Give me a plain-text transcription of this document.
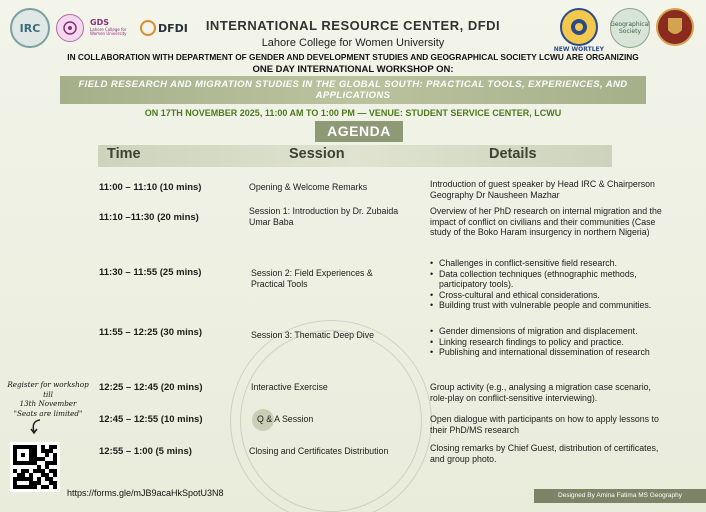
IRC	GDS
Lahore College for Women University	DFDI
NEW WORTLEY
Geographical Society
INTERNATIONAL RESOURCE CENTER, DFDI
Lahore College for Women University
IN COLLABORATION WITH DEPARTMENT OF GENDER AND DEVELOPMENT STUDIES AND GEOGRAPHICAL SOCIETY LCWU ARE ORGANIZING
ONE DAY INTERNATIONAL WORKSHOP ON:
FIELD RESEARCH AND MIGRATION STUDIES IN THE GLOBAL SOUTH: PRACTICAL TOOLS, EXPERIENCES, AND APPLICATIONS
ON 17TH NOVEMBER 2025, 11:00 AM TO 1:00 PM — VENUE: STUDENT SERVICE CENTER, LCWU
AGENDA
Time	Session	Details
11:00 – 11:10 (10 mins)	Opening & Welcome Remarks	Introduction of guest speaker by Head IRC & Chairperson Geography Dr Nausheen Mazhar
11:10 –11:30 (20 mins)
Session 1: Introduction by Dr. Zubaida Umar Baba
Overview of her PhD research on internal migration and the impact of conflict on civilians and their communities (Case study of the Boko Haram insurgency in northern Nigeria)
11:30 – 11:55 (25 mins)	Session 2: Field Experiences & Practical Tools
• Challenges in conflict-sensitive field research.
• Data collection techniques (ethnographic methods, participatory tools).
• Cross-cultural and ethical considerations.
• Building trust with vulnerable people and communities.
11:55 – 12:25 (30 mins)	Session 3: Thematic Deep Dive
•	Gender dimensions of migration and displacement.
• Linking research findings to policy and practice.
• Publishing and international dissemination of research
12:25 – 12:45 (20 mins)	Interactive Exercise	Group activity (e.g., analysing a migration case scenario, role-play on conflict-sensitive interviewing).
12:45 – 12:55 (10 mins)	Q & A Session	Open dialogue with participants on how to apply lessons to their PhD/MS research
12:55 – 1:00 (5 mins)	Closing and Certificates Distribution	Closing remarks by Chief Guest, distribution of certificates, and group photo.
Register for workshop till
13th November
"Seats are limited"
https://forms.gle/mJB9acaHkSpotU3N8	Designed By Amina Fatima MS Geography
